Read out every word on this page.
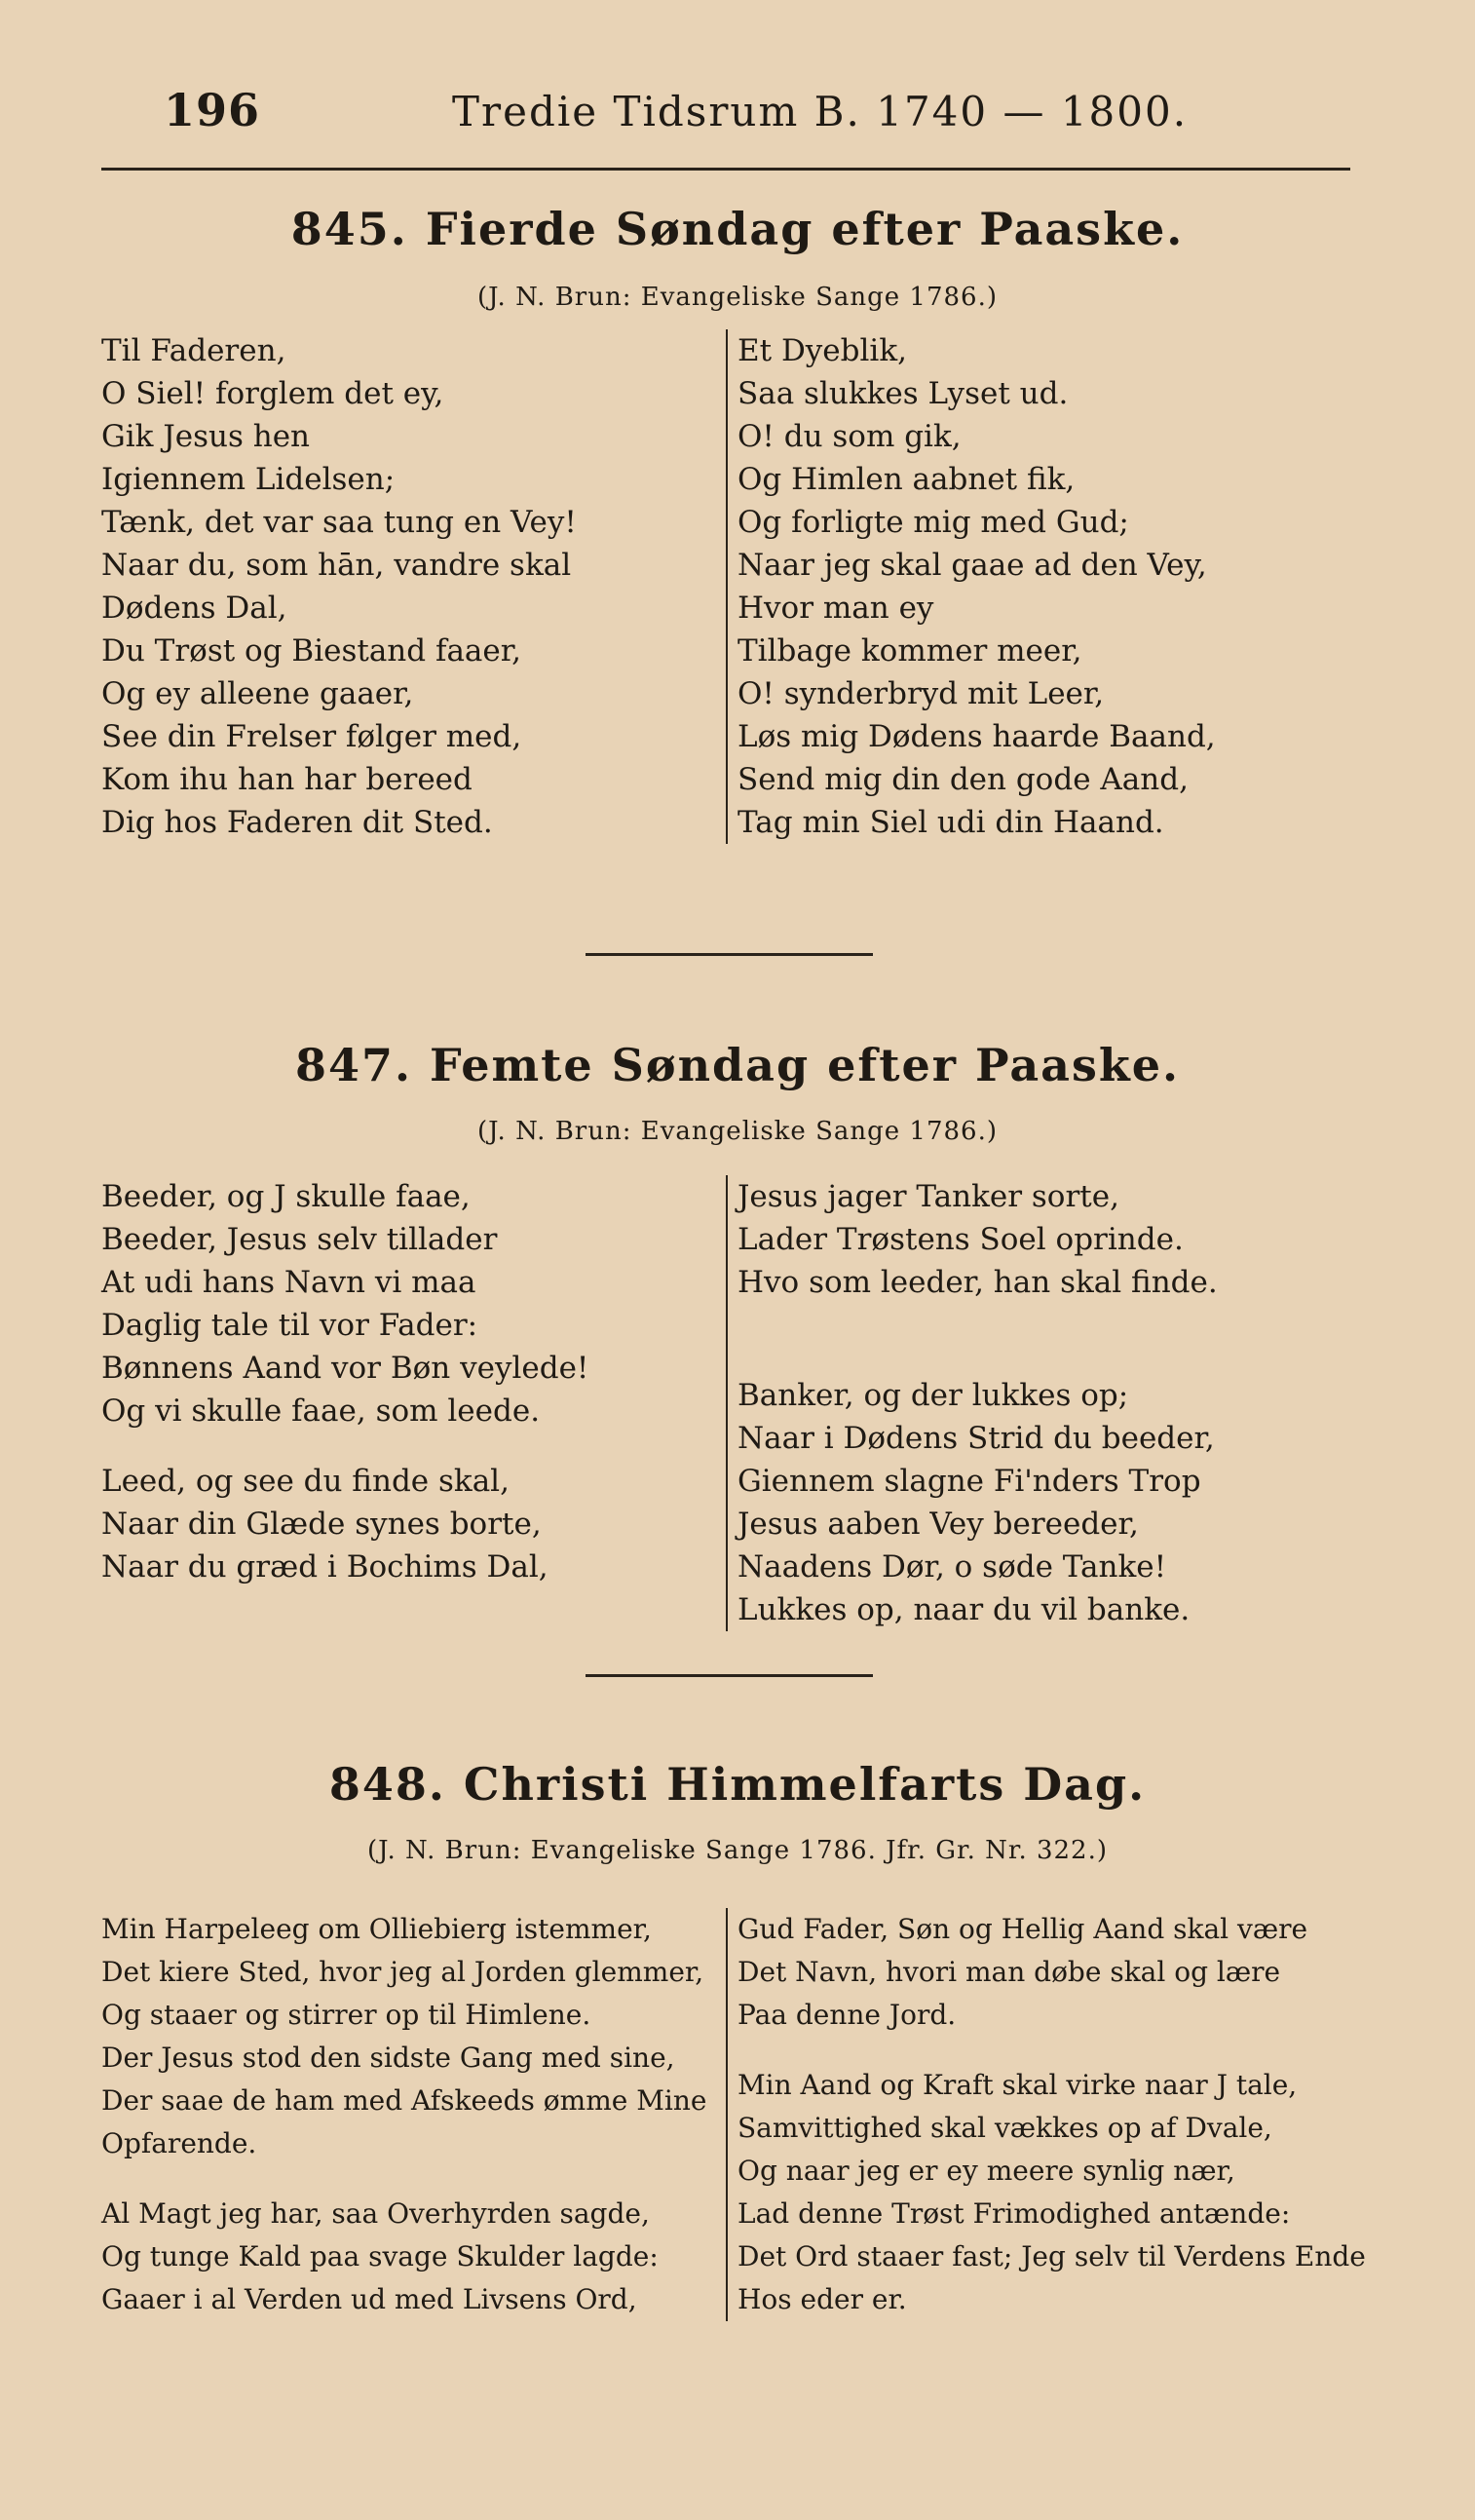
196	Tredie Tidsrum B. 1740 — 1800.
845. Fierde Søndag efter Paaske.
(J. N. Brun: Evangeliske Sange 1786.)
Til Faderen,
O Siel! forglem det ey,
Gik Jesus hen
Igiennem Lidelsen;
Tænk, det var saa tung en Vey!
Naar du, som hān, vandre skal
Dødens Dal,
Du Trøst og Biestand faaer,
Og ey alleene gaaer,
See din Frelser følger med,
Kom ihu han har bereed
Dig hos Faderen dit Sted.
Et Dyeblik,
Saa slukkes Lyset ud.
O! du som gik,
Og Himlen aabnet fik,
Og forligte mig med Gud;
Naar jeg skal gaae ad den Vey,
Hvor man ey
Tilbage kommer meer,
O! synderbryd mit Leer,
Løs mig Dødens haarde Baand,
Send mig din den gode Aand,
Tag min Siel udi din Haand.
847. Femte Søndag efter Paaske.
(J. N. Brun: Evangeliske Sange 1786.)
Beeder, og J skulle faae,
Beeder, Jesus selv tillader
At udi hans Navn vi maa
Daglig tale til vor Fader:
Bønnens Aand vor Bøn veylede!
Og vi skulle faae, som leede.
Leed, og see du finde skal,
Naar din Glæde synes borte,
Naar du græd i Bochims Dal,
Jesus jager Tanker sorte,
Lader Trøstens Soel oprinde.
Hvo som leeder, han skal finde.
Banker, og der lukkes op;
Naar i Dødens Strid du beeder,
Giennem slagne Fi'nders Trop
Jesus aaben Vey bereeder,
Naadens Dør, o søde Tanke!
Lukkes op, naar du vil banke.
848. Christi Himmelfarts Dag.
(J. N. Brun: Evangeliske Sange 1786. Jfr. Gr. Nr. 322.)
Min Harpeleeg om Olliebierg istemmer,
Det kiere Sted, hvor jeg al Jorden glemmer,
Og staaer og stirrer op til Himlene.
Der Jesus stod den sidste Gang med sine,
Der saae de ham med Afskeeds ømme Mine
Opfarende.
Al Magt jeg har, saa Overhyrden sagde,
Og tunge Kald paa svage Skulder lagde:
Gaaer i al Verden ud med Livsens Ord,
Gud Fader, Søn og Hellig Aand skal være
Det Navn, hvori man døbe skal og lære
Paa denne Jord.
Min Aand og Kraft skal virke naar J tale,
Samvittighed skal vækkes op af Dvale,
Og naar jeg er ey meere synlig nær,
Lad denne Trøst Frimodighed antænde:
Det Ord staaer fast; Jeg selv til Verdens Ende
Hos eder er.
